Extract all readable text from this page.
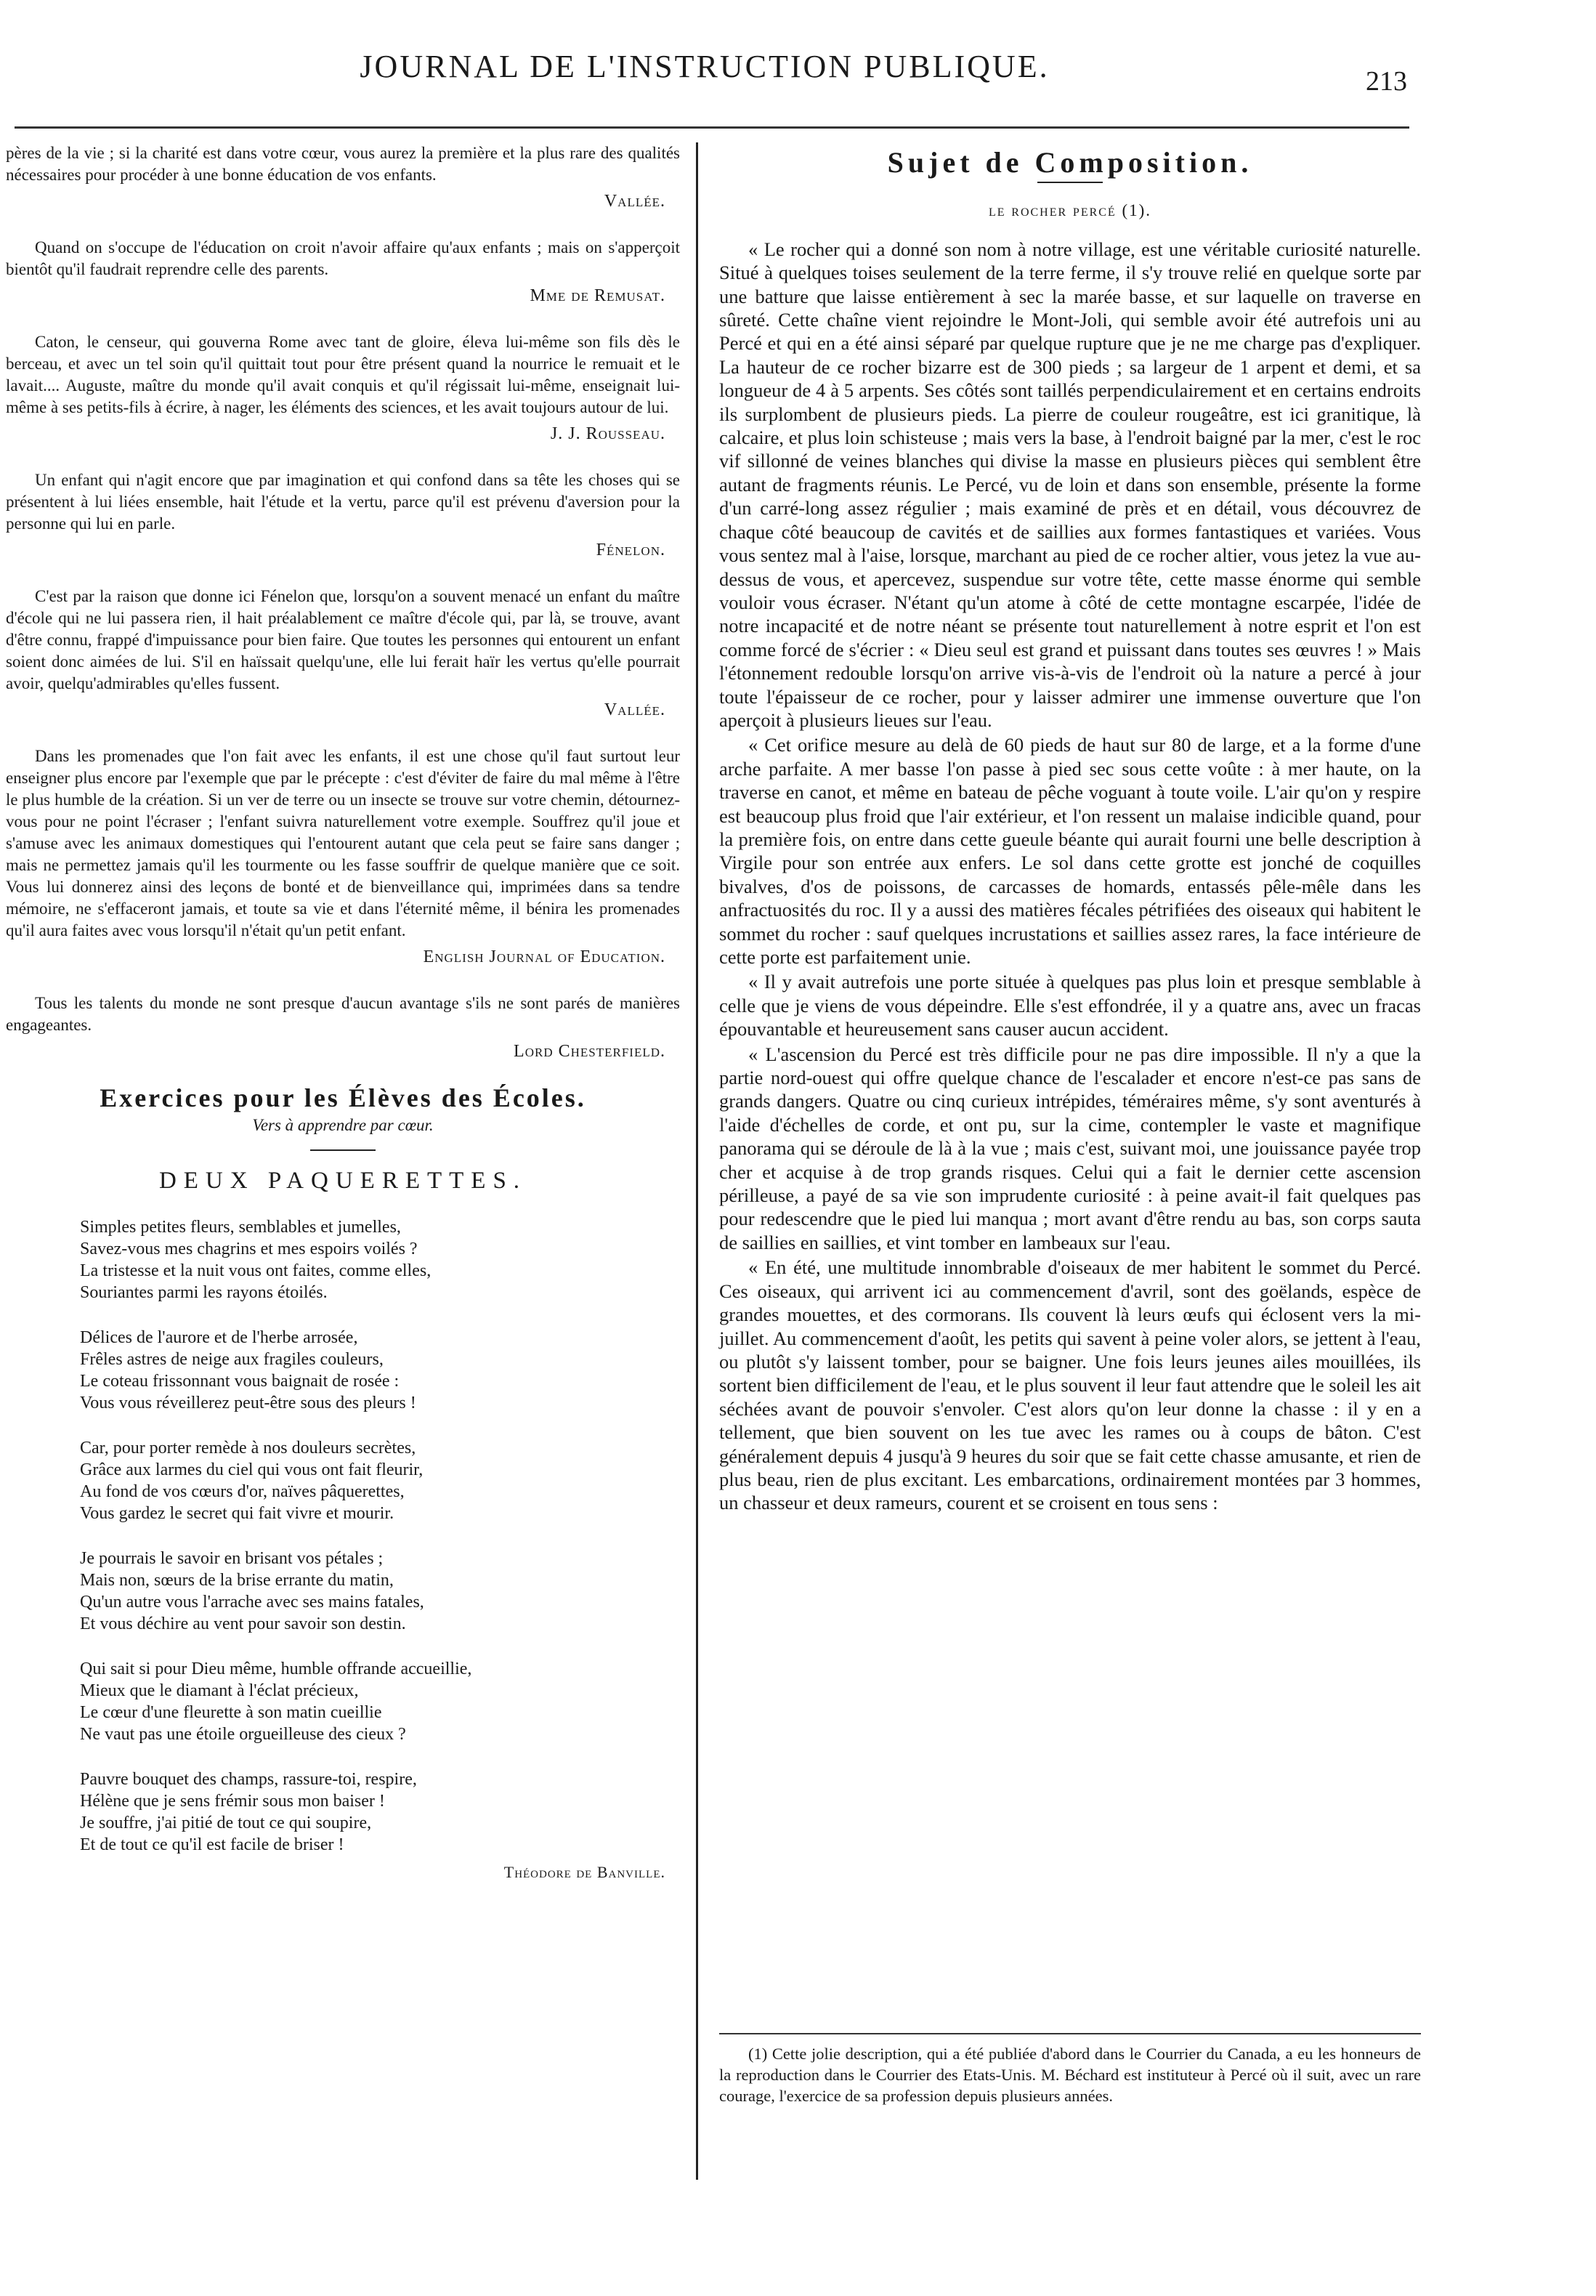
JOURNAL DE L'INSTRUCTION PUBLIQUE.	213

pères de la vie ; si la charité est dans votre cœur, vous aurez la première et la plus rare des qualités nécessaires pour procéder à une bonne éducation de vos enfants.

Vallée.

Quand on s'occupe de l'éducation on croit n'avoir affaire qu'aux enfants ; mais on s'apperçoit bientôt qu'il faudrait reprendre celle des parents.

Mme de Remusat.

Caton, le censeur, qui gouverna Rome avec tant de gloire, éleva lui-même son fils dès le berceau, et avec un tel soin qu'il quittait tout pour être présent quand la nourrice le remuait et le lavait.... Auguste, maître du monde qu'il avait conquis et qu'il régissait lui-même, enseignait lui-même à ses petits-fils à écrire, à nager, les éléments des sciences, et les avait toujours autour de lui.

J. J. Rousseau.

Un enfant qui n'agit encore que par imagination et qui confond dans sa tête les choses qui se présentent à lui liées ensemble, hait l'étude et la vertu, parce qu'il est prévenu d'aversion pour la personne qui lui en parle.

Fénelon.

C'est par la raison que donne ici Fénelon que, lorsqu'on a souvent menacé un enfant du maître d'école qui ne lui passera rien, il hait préalablement ce maître d'école qui, par là, se trouve, avant d'être connu, frappé d'impuissance pour bien faire. Que toutes les personnes qui entourent un enfant soient donc aimées de lui. S'il en haïssait quelqu'une, elle lui ferait haïr les vertus qu'elle pourrait avoir, quelqu'admirables qu'elles fussent.

Vallée.

Dans les promenades que l'on fait avec les enfants, il est une chose qu'il faut surtout leur enseigner plus encore par l'exemple que par le précepte : c'est d'éviter de faire du mal même à l'être le plus humble de la création. Si un ver de terre ou un insecte se trouve sur votre chemin, détournez-vous pour ne point l'écraser ; l'enfant suivra naturellement votre exemple. Souffrez qu'il joue et s'amuse avec les animaux domestiques qui l'entourent autant que cela peut se faire sans danger ; mais ne permettez jamais qu'il les tourmente ou les fasse souffrir de quelque manière que ce soit. Vous lui donnerez ainsi des leçons de bonté et de bienveillance qui, imprimées dans sa tendre mémoire, ne s'effaceront jamais, et toute sa vie et dans l'éternité même, il bénira les promenades qu'il aura faites avec vous lorsqu'il n'était qu'un petit enfant.

English Journal of Education.

Tous les talents du monde ne sont presque d'aucun avantage s'ils ne sont parés de manières engageantes.

Lord Chesterfield.
Exercices pour les Élèves des Écoles.
Vers à apprendre par cœur.
DEUX PAQUERETTES.
Simples petites fleurs, semblables et jumelles,
Savez-vous mes chagrins et mes espoirs voilés ?
La tristesse et la nuit vous ont faites, comme elles,
Souriantes parmi les rayons étoilés.
Délices de l'aurore et de l'herbe arrosée,
Frêles astres de neige aux fragiles couleurs,
Le coteau frissonnant vous baignait de rosée :
Vous vous réveillerez peut-être sous des pleurs !
Car, pour porter remède à nos douleurs secrètes,
Grâce aux larmes du ciel qui vous ont fait fleurir,
Au fond de vos cœurs d'or, naïves pâquerettes,
Vous gardez le secret qui fait vivre et mourir.
Je pourrais le savoir en brisant vos pétales ;
Mais non, sœurs de la brise errante du matin,
Qu'un autre vous l'arrache avec ses mains fatales,
Et vous déchire au vent pour savoir son destin.
Qui sait si pour Dieu même, humble offrande accueillie,
Mieux que le diamant à l'éclat précieux,
Le cœur d'une fleurette à son matin cueillie
Ne vaut pas une étoile orgueilleuse des cieux ?
Pauvre bouquet des champs, rassure-toi, respire,
Hélène que je sens frémir sous mon baiser !
Je souffre, j'ai pitié de tout ce qui soupire,
Et de tout ce qu'il est facile de briser !
Théodore de Banville.
Sujet de Composition.
le rocher percé (1).

« Le rocher qui a donné son nom à notre village, est une véritable curiosité naturelle. Situé à quelques toises seulement de la terre ferme, il s'y trouve relié en quelque sorte par une batture que laisse entièrement à sec la marée basse, et sur laquelle on traverse en sûreté. Cette chaîne vient rejoindre le Mont-Joli, qui semble avoir été autrefois uni au Percé et qui en a été ainsi séparé par quelque rupture que je ne me charge pas d'expliquer. La hauteur de ce rocher bizarre est de 300 pieds ; sa largeur de 1 arpent et demi, et sa longueur de 4 à 5 arpents. Ses côtés sont taillés perpendiculairement et en certains endroits ils surplombent de plusieurs pieds. La pierre de couleur rougeâtre, est ici granitique, là calcaire, et plus loin schisteuse ; mais vers la base, à l'endroit baigné par la mer, c'est le roc vif sillonné de veines blanches qui divise la masse en plusieurs pièces qui semblent être autant de fragments réunis. Le Percé, vu de loin et dans son ensemble, présente la forme d'un carré-long assez régulier ; mais examiné de près et en détail, vous découvrez de chaque côté beaucoup de cavités et de saillies aux formes fantastiques et variées. Vous vous sentez mal à l'aise, lorsque, marchant au pied de ce rocher altier, vous jetez la vue au-dessus de vous, et apercevez, suspendue sur votre tête, cette masse énorme qui semble vouloir vous écraser. N'étant qu'un atome à côté de cette montagne escarpée, l'idée de notre incapacité et de notre néant se présente tout naturellement à notre esprit et l'on est comme forcé de s'écrier : « Dieu seul est grand et puissant dans toutes ses œuvres ! » Mais l'étonnement redouble lorsqu'on arrive vis-à-vis de l'endroit où la nature a percé à jour toute l'épaisseur de ce rocher, pour y laisser admirer une immense ouverture que l'on aperçoit à plusieurs lieues sur l'eau.

« Cet orifice mesure au delà de 60 pieds de haut sur 80 de large, et a la forme d'une arche parfaite. A mer basse l'on passe à pied sec sous cette voûte : à mer haute, on la traverse en canot, et même en bateau de pêche voguant à toute voile. L'air qu'on y respire est beaucoup plus froid que l'air extérieur, et l'on ressent un malaise indicible quand, pour la première fois, on entre dans cette gueule béante qui aurait fourni une belle description à Virgile pour son entrée aux enfers. Le sol dans cette grotte est jonché de coquilles bivalves, d'os de poissons, de carcasses de homards, entassés pêle-mêle dans les anfractuosités du roc. Il y a aussi des matières fécales pétrifiées des oiseaux qui habitent le sommet du rocher : sauf quelques incrustations et saillies assez rares, la face intérieure de cette porte est parfaitement unie.

« Il y avait autrefois une porte située à quelques pas plus loin et presque semblable à celle que je viens de vous dépeindre. Elle s'est effondrée, il y a quatre ans, avec un fracas épouvantable et heureusement sans causer aucun accident.

« L'ascension du Percé est très difficile pour ne pas dire impossible. Il n'y a que la partie nord-ouest qui offre quelque chance de l'escalader et encore n'est-ce pas sans de grands dangers. Quatre ou cinq curieux intrépides, téméraires même, s'y sont aventurés à l'aide d'échelles de corde, et ont pu, sur la cime, contempler le vaste et magnifique panorama qui se déroule de là à la vue ; mais c'est, suivant moi, une jouissance payée trop cher et acquise à de trop grands risques. Celui qui a fait le dernier cette ascension périlleuse, a payé de sa vie son imprudente curiosité : à peine avait-il fait quelques pas pour redescendre que le pied lui manqua ; mort avant d'être rendu au bas, son corps sauta de saillies en saillies, et vint tomber en lambeaux sur l'eau.

« En été, une multitude innombrable d'oiseaux de mer habitent le sommet du Percé. Ces oiseaux, qui arrivent ici au commencement d'avril, sont des goëlands, espèce de grandes mouettes, et des cormorans. Ils couvent là leurs œufs qui éclosent vers la mi-juillet. Au commencement d'août, les petits qui savent à peine voler alors, se jettent à l'eau, ou plutôt s'y laissent tomber, pour se baigner. Une fois leurs jeunes ailes mouillées, ils sortent bien difficilement de l'eau, et le plus souvent il leur faut attendre que le soleil les ait séchées avant de pouvoir s'envoler. C'est alors qu'on leur donne la chasse : il y en a tellement, que bien souvent on les tue avec les rames ou à coups de bâton. C'est généralement depuis 4 jusqu'à 9 heures du soir que se fait cette chasse amusante, et rien de plus beau, rien de plus excitant. Les embarcations, ordinairement montées par 3 hommes, un chasseur et deux rameurs, courent et se croisent en tous sens :

(1) Cette jolie description, qui a été publiée d'abord dans le Courrier du Canada, a eu les honneurs de la reproduction dans le Courrier des Etats-Unis. M. Béchard est instituteur à Percé où il suit, avec un rare courage, l'exercice de sa profession depuis plusieurs années.
